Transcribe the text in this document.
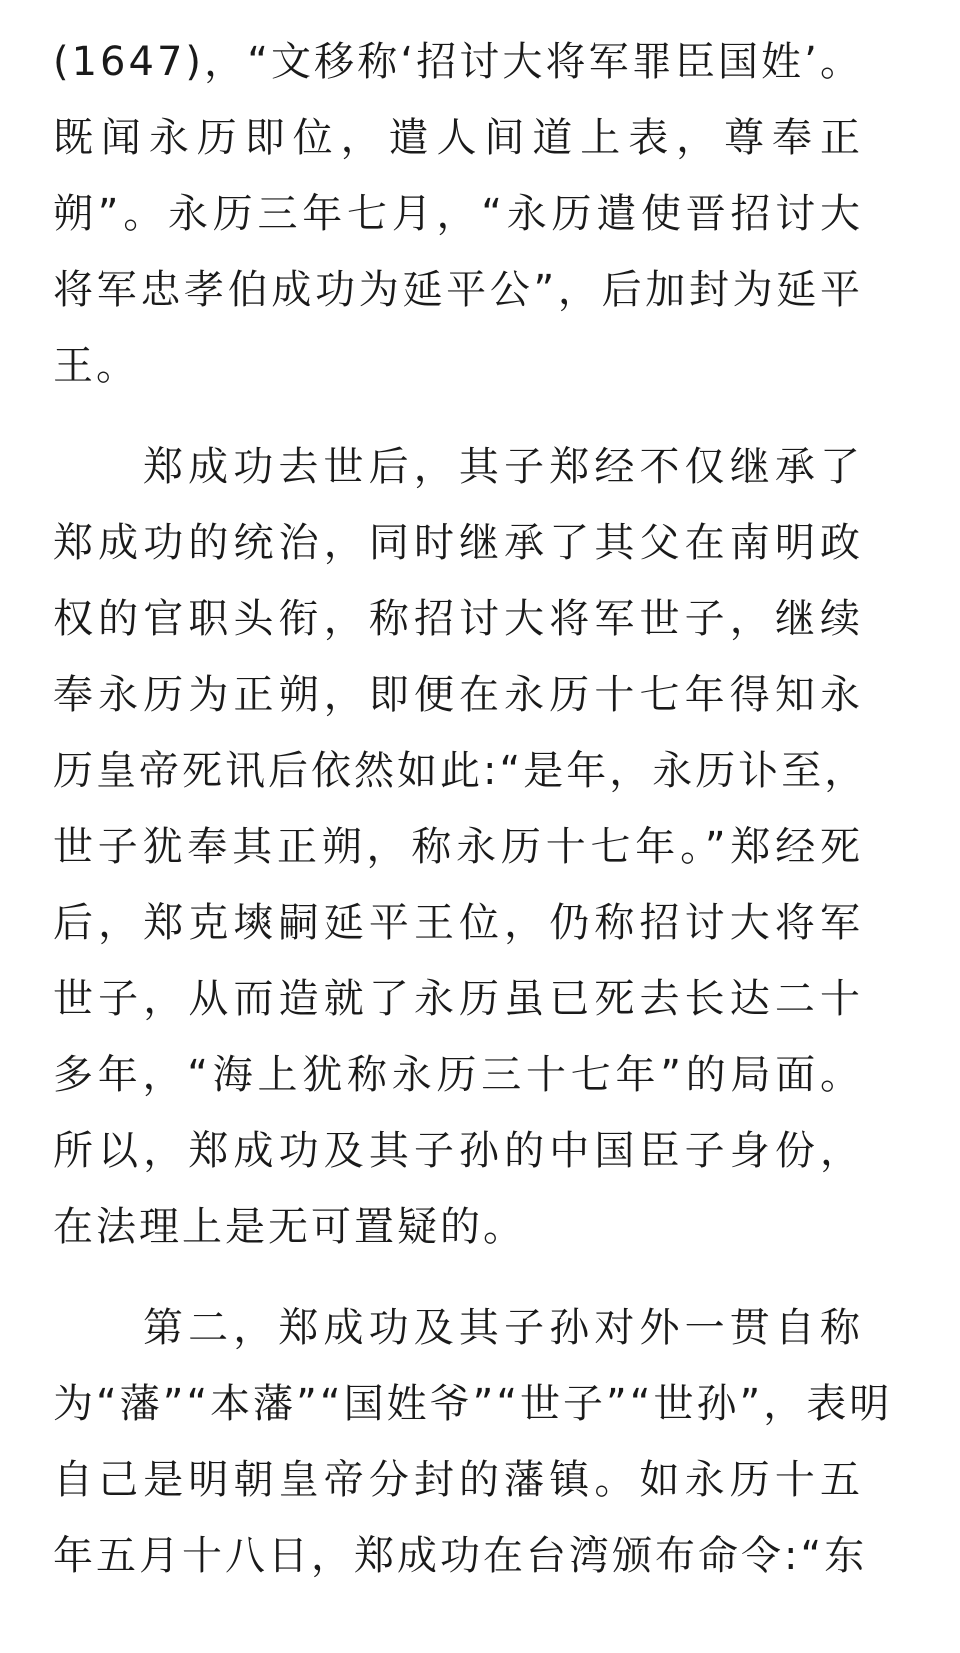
(1647)，“文移称‘招讨大将军罪臣国姓’。
既闻永历即位，遣人间道上表，尊奉正
朔”。永历三年七月，“永历遣使晋招讨大
将军忠孝伯成功为延平公”，后加封为延平
王。
郑成功去世后，其子郑经不仅继承了
郑成功的统治，同时继承了其父在南明政
权的官职头衔，称招讨大将军世子，继续
奉永历为正朔，即便在永历十七年得知永
历皇帝死讯后依然如此:“是年，永历讣至，
世子犹奉其正朔，称永历十七年。”郑经死
后，郑克塽嗣延平王位，仍称招讨大将军
世子，从而造就了永历虽已死去长达二十
多年，“海上犹称永历三十七年”的局面。
所以，郑成功及其子孙的中国臣子身份，
在法理上是无可置疑的。
第二，郑成功及其子孙对外一贯自称
为“藩”“本藩”“国姓爷”“世子”“世孙”，表明
自己是明朝皇帝分封的藩镇。如永历十五
年五月十八日，郑成功在台湾颁布命令:“东
